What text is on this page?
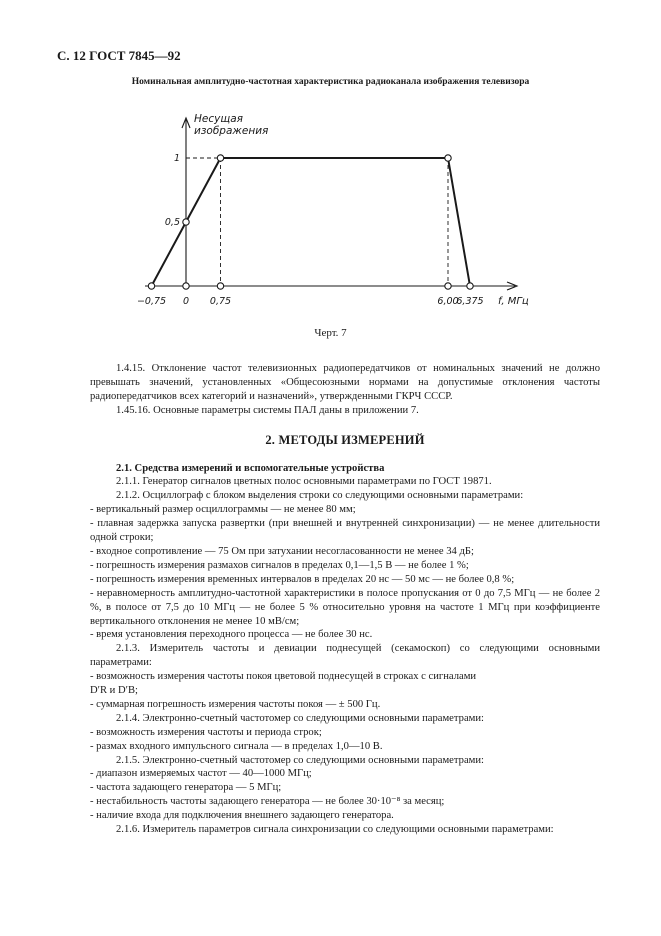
С. 12 ГОСТ 7845—92
Номинальная амплитудно-частотная характеристика радиоканала изображения телевизора
−0,75 0 0,75	6,00
6,375
0,5
1
Несущая
изображения
f, МГц
Черт. 7

1.4.15. Отклонение частот телевизионных радиопередатчиков от номинальных значений не должно превышать значений, установленных «Общесоюзными нормами на допустимые отклонения частоты радиопередатчиков всех категорий и назначений», утвержденными ГКРЧ СССР.

1.45.16. Основные параметры системы ПАЛ даны в приложении 7.

2. МЕТОДЫ ИЗМЕРЕНИЙ

2.1. Средства измерений и вспомогательные устройства

2.1.1. Генератор сигналов цветных полос основными параметрами по ГОСТ 19871.

2.1.2. Осциллограф с блоком выделения строки со следующими основными параметрами:

- вертикальный размер осциллограммы — не менее 80 мм;

- плавная задержка запуска развертки (при внешней и внутренней синхронизации) — не менее длительности одной строки;

- входное сопротивление — 75 Ом при затухании несогласованности не менее 34 дБ;

- погрешность измерения размахов сигналов в пределах 0,1—1,5 В — не более 1 %;

- погрешность измерения временных интервалов в пределах 20 нс — 50 мс — не более 0,8 %;

- неравномерность амплитудно-частотной характеристики в полосе пропускания от 0 до 7,5 МГц — не более 2 %, в полосе от 7,5 до 10 МГц — не более 5 % относительно уровня на частоте 1 МГц при коэффициенте вертикального отклонения не менее 10 мВ/см;

- время установления переходного процесса — не более 30 нс.

2.1.3. Измеритель частоты и девиации поднесущей (секамоскоп) со следующими основными параметрами:

- возможность измерения частоты покоя цветовой поднесущей в строках с сигналами

D′R и D′B;

- суммарная погрешность измерения частоты покоя — ± 500 Гц.

2.1.4. Электронно-счетный частотомер со следующими основными параметрами:

- возможность измерения частоты и периода строк;

- размах входного импульсного сигнала — в пределах 1,0—10 В.

2.1.5. Электронно-счетный частотомер со следующими основными параметрами:

- диапазон измеряемых частот — 40—1000 МГц;

- частота задающего генератора — 5 МГц;

- нестабильность частоты задающего генератора — не более 30·10⁻⁸ за месяц;

- наличие входа для подключения внешнего задающего генератора.

2.1.6. Измеритель параметров сигнала синхронизации со следующими основными параметрами:
